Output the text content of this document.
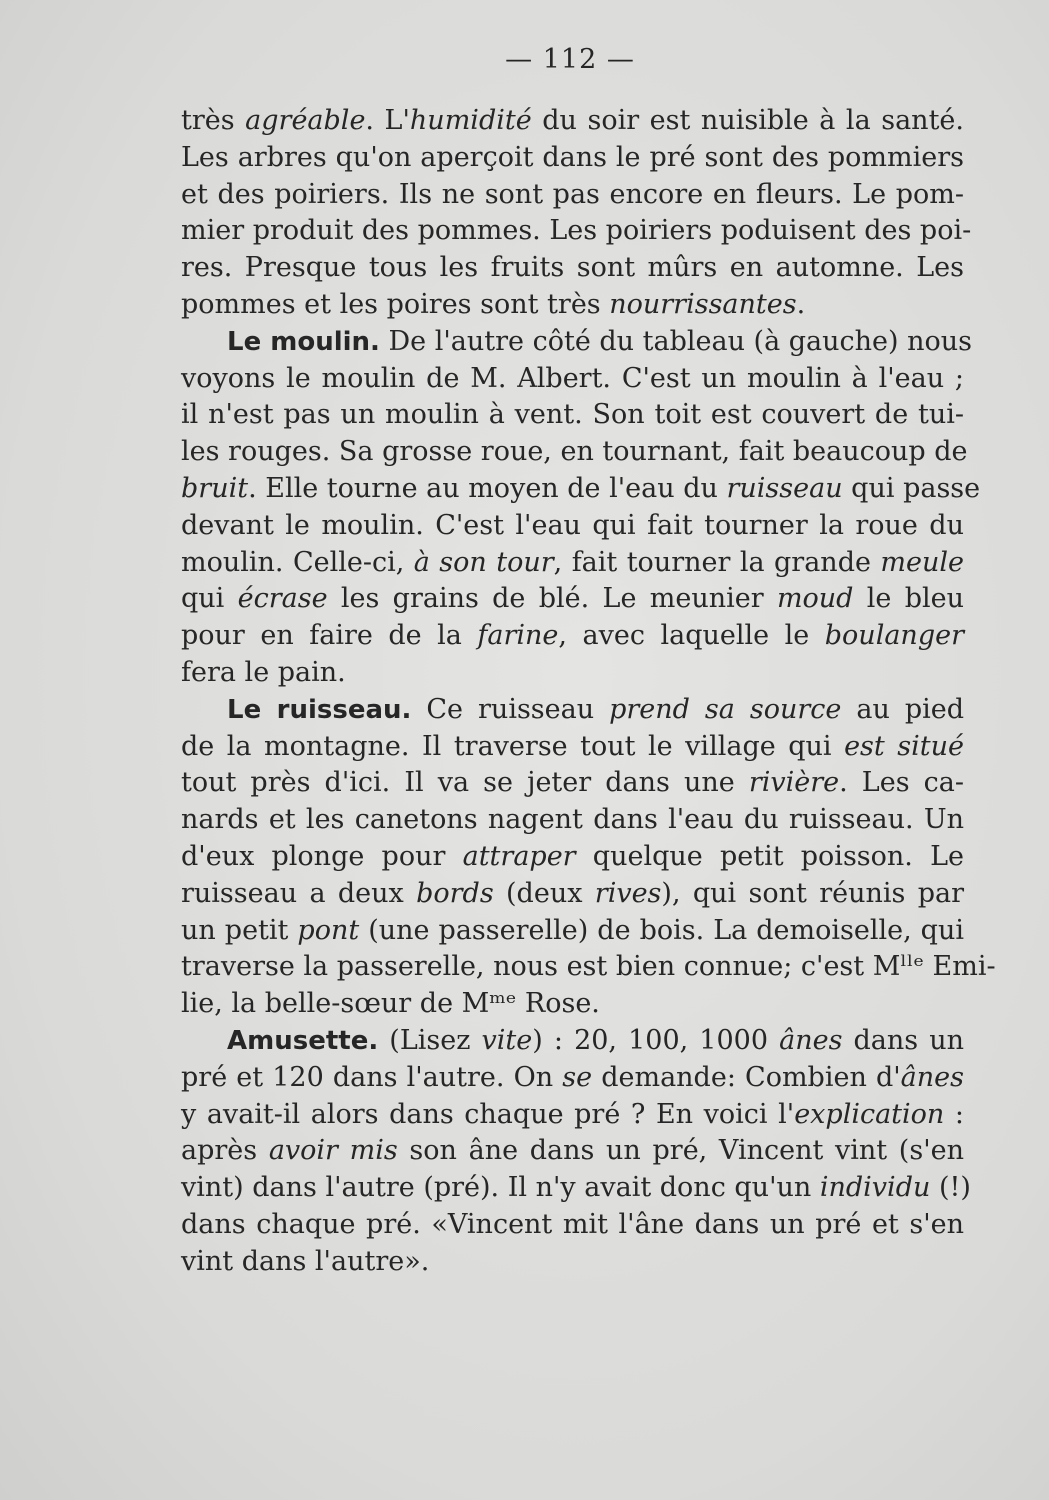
— 112 —
très agréable. L'humidité du soir est nuisible à la santé.
Les arbres qu'on aperçoit dans le pré sont des pommiers
et des poiriers. Ils ne sont pas encore en fleurs. Le pom-
mier produit des pommes. Les poiriers poduisent des poi-
res. Presque tous les fruits sont mûrs en automne. Les
pommes et les poires sont très nourrissantes.
Le moulin. De l'autre côté du tableau (à gauche) nous
voyons le moulin de M. Albert. C'est un moulin à l'eau ;
il n'est pas un moulin à vent. Son toit est couvert de tui-
les rouges. Sa grosse roue, en tournant, fait beaucoup de
bruit. Elle tourne au moyen de l'eau du ruisseau qui passe
devant le moulin. C'est l'eau qui fait tourner la roue du
moulin. Celle-ci, à son tour, fait tourner la grande meule
qui écrase les grains de blé. Le meunier moud le bleu
pour en faire de la farine, avec laquelle le boulanger
fera le pain.
Le ruisseau. Ce ruisseau prend sa source au pied
de la montagne. Il traverse tout le village qui est situé
tout près d'ici. Il va se jeter dans une rivière. Les ca-
nards et les canetons nagent dans l'eau du ruisseau. Un
d'eux plonge pour attraper quelque petit poisson. Le
ruisseau a deux bords (deux rives), qui sont réunis par
un petit pont (une passerelle) de bois. La demoiselle, qui
traverse la passerelle, nous est bien connue; c'est Mˡˡᵉ Emi-
lie, la belle-sœur de Mᵐᵉ Rose.
Amusette. (Lisez vite) : 20, 100, 1000 ânes dans un
pré et 120 dans l'autre. On se demande: Combien d'ânes
y avait-il alors dans chaque pré ? En voici l'explication :
après avoir mis son âne dans un pré, Vincent vint (s'en
vint) dans l'autre (pré). Il n'y avait donc qu'un individu (!)
dans chaque pré. «Vincent mit l'âne dans un pré et s'en
vint dans l'autre».
